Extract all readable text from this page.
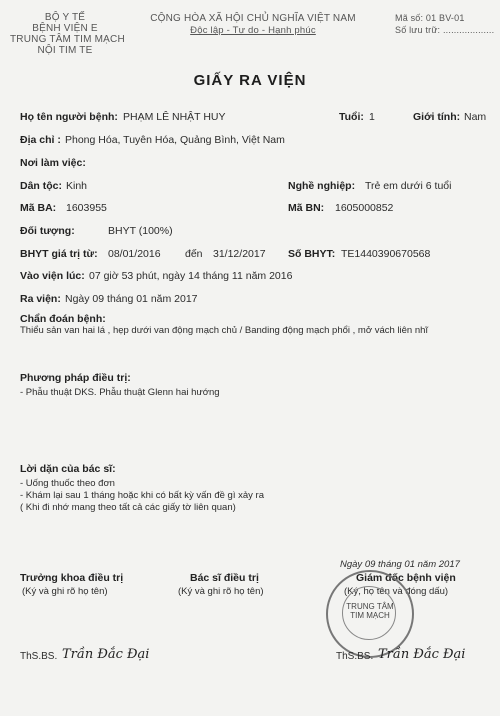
BỘ Y TẾ
BỆNH VIỆN E
TRUNG TÂM TIM MẠCH
NỘI TIM TE
CỘNG HÒA XÃ HỘI CHỦ NGHĨA VIỆT NAM
Độc lập - Tự do - Hạnh phúc
Mã số: 01 BV-01
Số lưu trữ: ...................
GIẤY RA VIỆN
Họ tên người bệnh: PHẠM LÊ NHẬT HUY	Tuổi: 1	Giới tính: Nam
Địa chỉ : Phong Hóa, Tuyên Hóa, Quảng Bình, Việt Nam
Nơi làm việc:
Dân tộc: Kinh	Nghề nghiệp: Trẻ em dưới 6 tuổi
Mã BA: 1603955	Mã BN: 1605000852
Đối tượng:	BHYT (100%)
BHYT giá trị từ: 08/01/2016 đến 31/12/2017 Số BHYT: TE1440390670568
Vào viện lúc: 07 giờ 53 phút, ngày 14 tháng 11 năm 2016
Ra viện: Ngày 09 tháng 01 năm 2017
Chẩn đoán bệnh:
Thiểu sản van hai lá , hẹp dưới van động mạch chủ / Banding động mạch phổi , mở vách liên nhĩ
Phương pháp điều trị:
- Phẫu thuật DKS. Phẫu thuật Glenn hai hướng
Lời dặn của bác sĩ:
- Uống thuốc theo đơn
- Khám lại sau 1 tháng hoặc khi có bất kỳ vấn đề gì xảy ra
( Khi đi nhớ mang theo tất cả các giấy tờ liên quan)
Ngày 09 tháng 01 năm 2017
Trưởng khoa điều trị
(Ký và ghi rõ họ tên)
Bác sĩ điều trị
(Ký và ghi rõ họ tên)
Giám đốc bệnh viện
(Ký, họ tên và đóng dấu)
TRUNG TÂM TIM MẠCH
ThS.BS. Trần Đắc Đại	ThS.BS. Trần Đắc Đại
